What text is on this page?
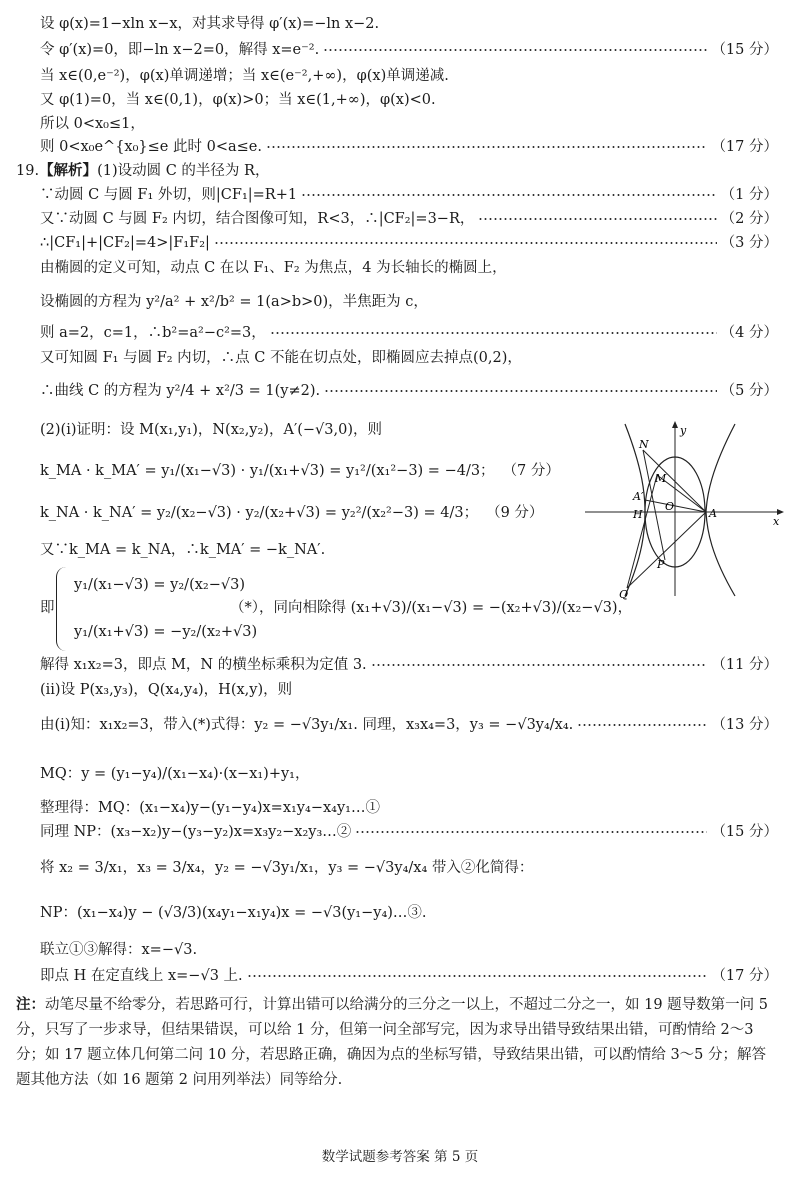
设 φ(x)=1−xln x−x，对其求导得 φ′(x)=−ln x−2.
令 φ′(x)=0，即−ln x−2=0，解得 x=e⁻².	（15 分）
当 x∈(0,e⁻²)，φ(x)单调递增；当 x∈(e⁻²,+∞)，φ(x)单调递减.
又 φ(1)=0，当 x∈(0,1)，φ(x)>0；当 x∈(1,+∞)，φ(x)<0.
所以 0<x₀≤1，
则 0<x₀e^{x₀}≤e 此时 0<a≤e.	（17 分）
19.【解析】(1)设动圆 C 的半径为 R，
∵动圆 C 与圆 F₁ 外切，则|CF₁|=R+1	（1 分）
又∵动圆 C 与圆 F₂ 内切，结合图像可知，R<3，∴|CF₂|=3−R，	（2 分）
∴|CF₁|+|CF₂|=4>|F₁F₂|	（3 分）
由椭圆的定义可知，动点 C 在以 F₁、F₂ 为焦点，4 为长轴长的椭圆上，
设椭圆的方程为 y²/a² + x²/b² = 1(a>b>0)，半焦距为 c，
则 a=2，c=1，∴b²=a²−c²=3，	（4 分）
又可知圆 F₁ 与圆 F₂ 内切，∴点 C 不能在切点处，即椭圆应去掉点(0,2)，
∴曲线 C 的方程为 y²/4 + x²/3 = 1(y≠2).	（5 分）
(2)(ⅰ)证明：设 M(x₁,y₁)，N(x₂,y₂)，A′(−√3,0)，则
k_MA · k_MA′ = y₁/(x₁−√3) · y₁/(x₁+√3) = y₁²/(x₁²−3) = −4/3； （7 分）
k_NA · k_NA′ = y₂/(x₂−√3) · y₂/(x₂+√3) = y₂²/(x₂²−3) = 4/3； （9 分）
又∵k_MA = k_NA，∴k_MA′ = −k_NA′.
即
y₁/(x₁−√3) = y₂/(x₂−√3)
y₁/(x₁+√3) = −y₂/(x₂+√3)
（*），同向相除得 (x₁+√3)/(x₁−√3) = −(x₂+√3)/(x₂−√3)，
解得 x₁x₂=3，即点 M，N 的横坐标乘积为定值 3.	（11 分）
(ⅱ)设 P(x₃,y₃)，Q(x₄,y₄)，H(x,y)，则
由(ⅰ)知：x₁x₂=3，带入(*)式得：y₂ = −√3y₁/x₁. 同理，x₃x₄=3，y₃ = −√3y₄/x₄.	（13 分）
MQ：y = (y₁−y₄)/(x₁−x₄)·(x−x₁)+y₁，
整理得：MQ：(x₁−x₄)y−(y₁−y₄)x=x₁y₄−x₄y₁…①
同理 NP：(x₃−x₂)y−(y₃−y₂)x=x₃y₂−x₂y₃…②	（15 分）
将 x₂ = 3/x₁，x₃ = 3/x₄，y₂ = −√3y₁/x₁，y₃ = −√3y₄/x₄ 带入②化简得：
NP：(x₁−x₄)y − (√3/3)(x₄y₁−x₁y₄)x = −√3(y₁−y₄)…③.
联立①③解得：x=−√3.
即点 H 在定直线上 x=−√3 上.	（17 分）
y
x
N
M
A′
H
O
A
P
Q
注：动笔尽量不给零分，若思路可行，计算出错可以给满分的三分之一以上，不超过二分之一，如 19 题导数第一问 5 分，只写了一步求导，但结果错误，可以给 1 分，但第一问全部写完，因为求导出错导致结果出错，可酌情给 2～3 分；如 17 题立体几何第二问 10 分，若思路正确，确因为点的坐标写错，导致结果出错，可以酌情给 3～5 分；解答题其他方法（如 16 题第 2 问用列举法）同等给分.
数学试题参考答案 第 5 页
